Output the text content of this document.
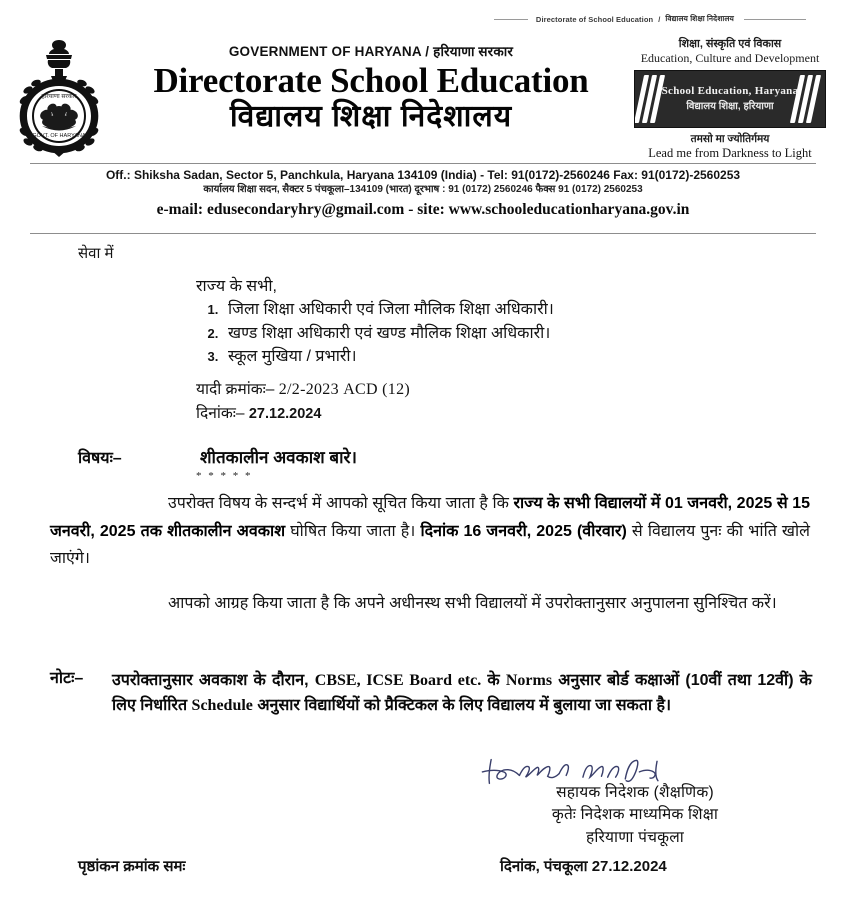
Directorate of School Education / विद्यालय शिक्षा निदेशालय
हरियाणा सरकार
GOVT. OF HARYANA
GOVERNMENT OF HARYANA / हरियाणा सरकार
Directorate School Education
विद्यालय शिक्षा निदेशालय
शिक्षा, संस्कृति एवं विकास
Education, Culture and Development
School Education, Haryana
विद्यालय शिक्षा, हरियाणा
तमसो मा ज्योतिर्गमय
Lead me from Darkness to Light
Off.: Shiksha Sadan, Sector 5, Panchkula, Haryana 134109 (India) - Tel: 91(0172)-2560246 Fax: 91(0172)-2560253
कार्यालय शिक्षा सदन, सैक्टर 5 पंचकूला–134109 (भारत) दूरभाष : 91 (0172) 2560246 फैक्स 91 (0172) 2560253
e-mail: edusecondaryhry@gmail.com - site: www.schooleducationharyana.gov.in
सेवा में
राज्य के सभी,
1. जिला शिक्षा अधिकारी एवं जिला मौलिक शिक्षा अधिकारी।
2. खण्ड शिक्षा अधिकारी एवं खण्ड मौलिक शिक्षा अधिकारी।
3. स्कूल मुखिया / प्रभारी।
यादी क्रमांकः– 2/2-2023 ACD (12)
दिनांकः– 27.12.2024
विषयः–	शीतकालीन अवकाश बारे।
* * * * *
उपरोक्त विषय के सन्दर्भ में आपको सूचित किया जाता है कि राज्य के सभी विद्यालयों में 01 जनवरी, 2025 से 15 जनवरी, 2025 तक शीतकालीन अवकाश घोषित किया जाता है। दिनांक 16 जनवरी, 2025 (वीरवार) से विद्यालय पुनः की भांति खोले जाएंगे।
आपको आग्रह किया जाता है कि अपने अधीनस्थ सभी विद्यालयों में उपरोक्तानुसार अनुपालना सुनिश्चित करें।
नोटः–	उपरोक्तानुसार अवकाश के दौरान, CBSE, ICSE Board etc. के Norms अनुसार बोर्ड कक्षाओं (10वीं तथा 12वीं) के लिए निर्धारित Schedule अनुसार विद्यार्थियों को प्रैक्टिकल के लिए विद्यालय में बुलाया जा सकता है।
सहायक निदेशक (शैक्षणिक)
कृतेः निदेशक माध्यमिक शिक्षा
हरियाणा पंचकूला
पृष्ठांकन क्रमांक समः	दिनांक, पंचकूला 27.12.2024
